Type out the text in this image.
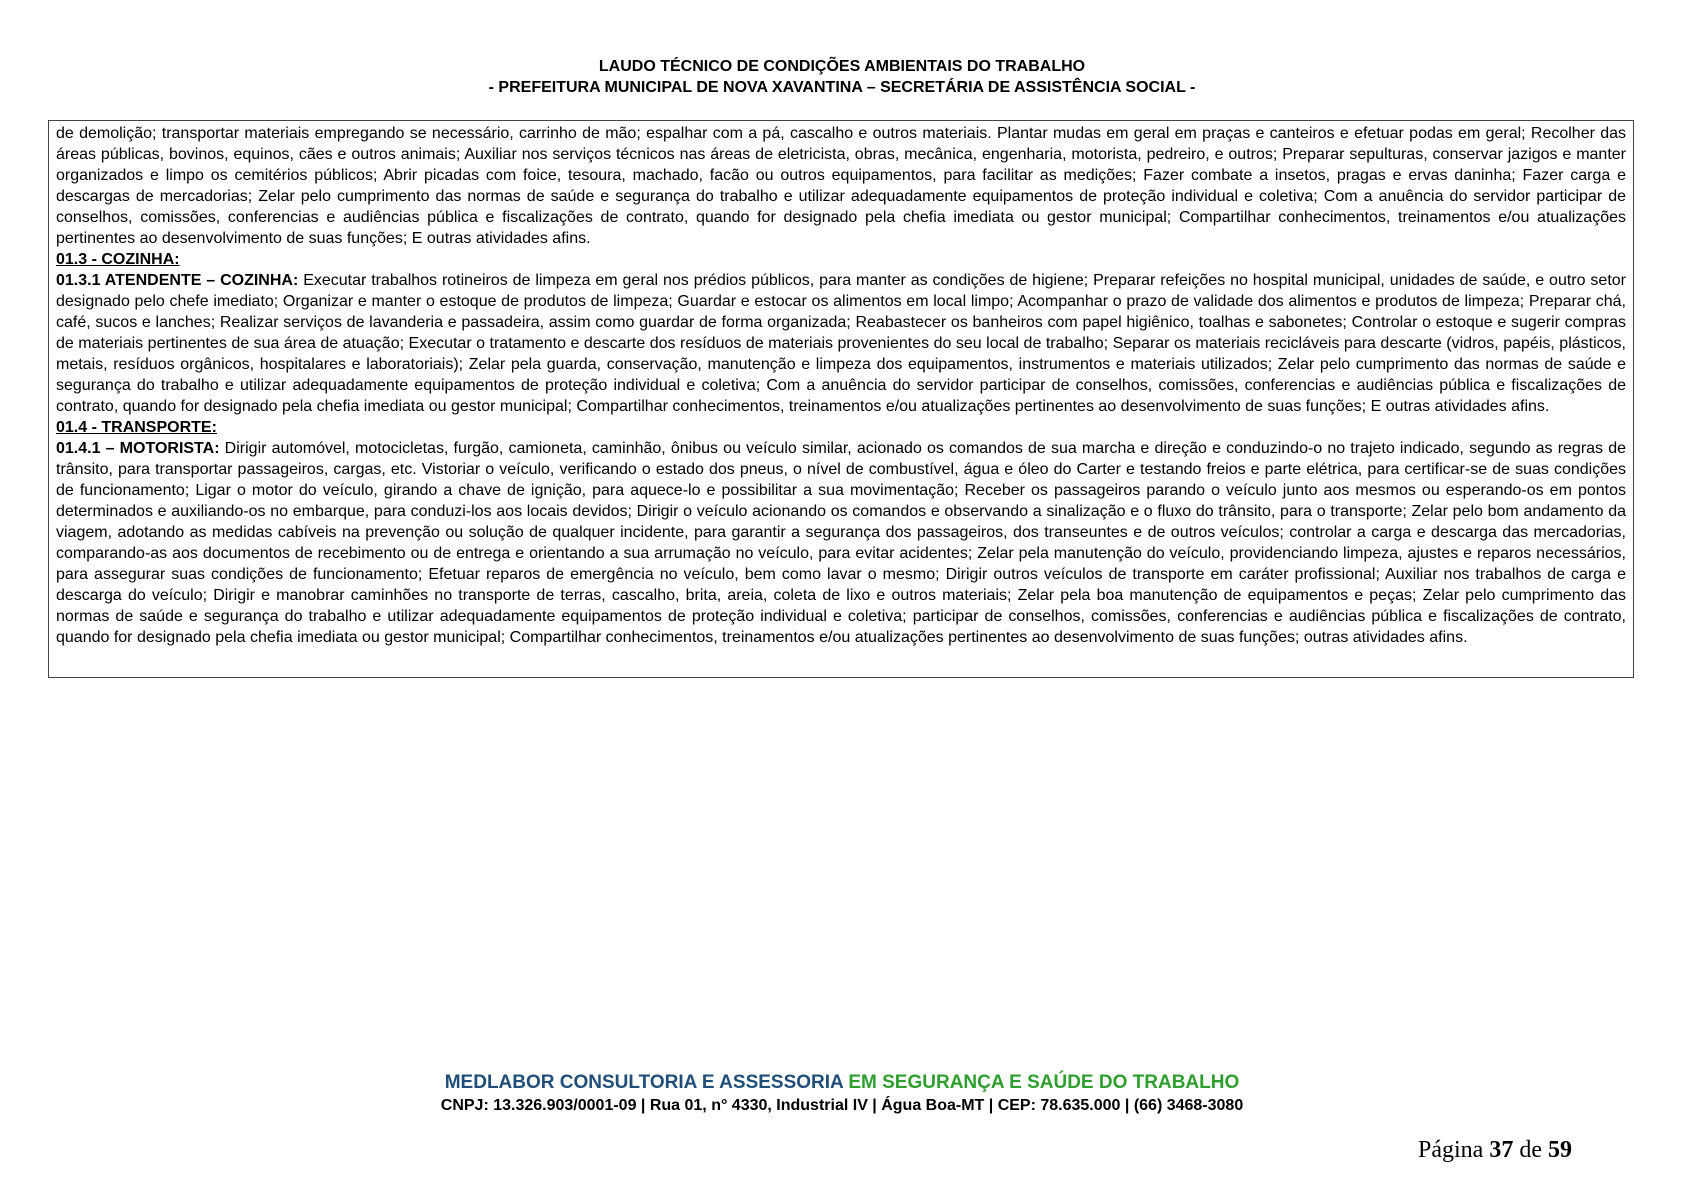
LAUDO TÉCNICO DE CONDIÇÕES AMBIENTAIS DO TRABALHO
- PREFEITURA MUNICIPAL DE NOVA XAVANTINA – SECRETÁRIA DE ASSISTÊNCIA SOCIAL -

de demolição; transportar materiais empregando se necessário, carrinho de mão; espalhar com a pá, cascalho e outros materiais. Plantar mudas em geral em praças e canteiros e efetuar podas em geral; Recolher das áreas públicas, bovinos, equinos, cães e outros animais; Auxiliar nos serviços técnicos nas áreas de eletricista, obras, mecânica, engenharia, motorista, pedreiro, e outros; Preparar sepulturas, conservar jazigos e manter organizados e limpo os cemitérios públicos; Abrir picadas com foice, tesoura, machado, facão ou outros equipamentos, para facilitar as medições; Fazer combate a insetos, pragas e ervas daninha; Fazer carga e descargas de mercadorias; Zelar pelo cumprimento das normas de saúde e segurança do trabalho e utilizar adequadamente equipamentos de proteção individual e coletiva; Com a anuência do servidor participar de conselhos, comissões, conferencias e audiências pública e fiscalizações de contrato, quando for designado pela chefia imediata ou gestor municipal; Compartilhar conhecimentos, treinamentos e/ou atualizações pertinentes ao desenvolvimento de suas funções; E outras atividades afins.

01.3 - COZINHA:

01.3.1 ATENDENTE – COZINHA: Executar trabalhos rotineiros de limpeza em geral nos prédios públicos, para manter as condições de higiene; Preparar refeições no hospital municipal, unidades de saúde, e outro setor designado pelo chefe imediato; Organizar e manter o estoque de produtos de limpeza; Guardar e estocar os alimentos em local limpo; Acompanhar o prazo de validade dos alimentos e produtos de limpeza; Preparar chá, café, sucos e lanches; Realizar serviços de lavanderia e passadeira, assim como guardar de forma organizada; Reabastecer os banheiros com papel higiênico, toalhas e sabonetes; Controlar o estoque e sugerir compras de materiais pertinentes de sua área de atuação; Executar o tratamento e descarte dos resíduos de materiais provenientes do seu local de trabalho; Separar os materiais recicláveis para descarte (vidros, papéis, plásticos, metais, resíduos orgânicos, hospitalares e laboratoriais); Zelar pela guarda, conservação, manutenção e limpeza dos equipamentos, instrumentos e materiais utilizados; Zelar pelo cumprimento das normas de saúde e segurança do trabalho e utilizar adequadamente equipamentos de proteção individual e coletiva; Com a anuência do servidor participar de conselhos, comissões, conferencias e audiências pública e fiscalizações de contrato, quando for designado pela chefia imediata ou gestor municipal; Compartilhar conhecimentos, treinamentos e/ou atualizações pertinentes ao desenvolvimento de suas funções; E outras atividades afins.

01.4 - TRANSPORTE:

01.4.1 – MOTORISTA: Dirigir automóvel, motocicletas, furgão, camioneta, caminhão, ônibus ou veículo similar, acionado os comandos de sua marcha e direção e conduzindo-o no trajeto indicado, segundo as regras de trânsito, para transportar passageiros, cargas, etc. Vistoriar o veículo, verificando o estado dos pneus, o nível de combustível, água e óleo do Carter e testando freios e parte elétrica, para certificar-se de suas condições de funcionamento; Ligar o motor do veículo, girando a chave de ignição, para aquece-lo e possibilitar a sua movimentação; Receber os passageiros parando o veículo junto aos mesmos ou esperando-os em pontos determinados e auxiliando-os no embarque, para conduzi-los aos locais devidos; Dirigir o veículo acionando os comandos e observando a sinalização e o fluxo do trânsito, para o transporte; Zelar pelo bom andamento da viagem, adotando as medidas cabíveis na prevenção ou solução de qualquer incidente, para garantir a segurança dos passageiros, dos transeuntes e de outros veículos; controlar a carga e descarga das mercadorias, comparando-as aos documentos de recebimento ou de entrega e orientando a sua arrumação no veículo, para evitar acidentes; Zelar pela manutenção do veículo, providenciando limpeza, ajustes e reparos necessários, para assegurar suas condições de funcionamento; Efetuar reparos de emergência no veículo, bem como lavar o mesmo; Dirigir outros veículos de transporte em caráter profissional; Auxiliar nos trabalhos de carga e descarga do veículo; Dirigir e manobrar caminhões no transporte de terras, cascalho, brita, areia, coleta de lixo e outros materiais; Zelar pela boa manutenção de equipamentos e peças; Zelar pelo cumprimento das normas de saúde e segurança do trabalho e utilizar adequadamente equipamentos de proteção individual e coletiva; participar de conselhos, comissões, conferencias e audiências pública e fiscalizações de contrato, quando for designado pela chefia imediata ou gestor municipal; Compartilhar conhecimentos, treinamentos e/ou atualizações pertinentes ao desenvolvimento de suas funções; outras atividades afins.

MEDLABOR CONSULTORIA E ASSESSORIA EM SEGURANÇA E SAÚDE DO TRABALHO
CNPJ: 13.326.903/0001-09 | Rua 01, n° 4330, Industrial IV | Água Boa-MT | CEP: 78.635.000 | (66) 3468-3080
Página 37 de 59
